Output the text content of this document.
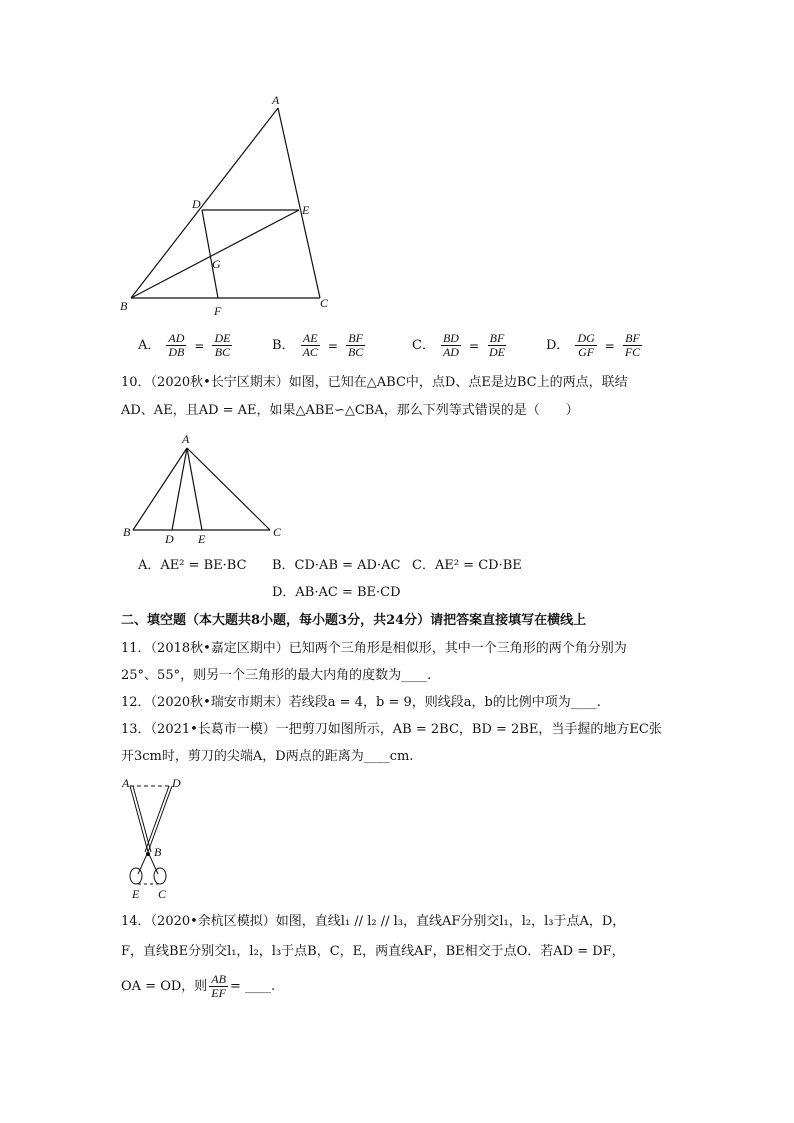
A
B	C
D	E
F
G
A． $\frac{AD}{DB} = \frac{DE}{BC}$	B． $\frac{AE}{AC} = \frac{BF}{BC}$	C． $\frac{BD}{AD} = \frac{BF}{DE}$	D． $\frac{DG}{GF} = \frac{BF}{FC}$
10．（2020秋•长宁区期末）如图，已知在△ABC中，点D、点E是边BC上的两点，联结
AD、AE，且AD = AE，如果△ABE∽△CBA，那么下列等式错误的是（　　）
A
B	C
D E
A．AE² = BE·BC B．CD·AB = AD·AC C．AE² = CD·BE
D．AB·AC = BE·CD
二、填空题（本大题共8小题，每小题3分，共24分）请把答案直接填写在横线上
11．（2018秋•嘉定区期中）已知两个三角形是相似形，其中一个三角形的两个角分别为
25°、55°，则另一个三角形的最大内角的度数为____.
12．（2020秋•瑞安市期末）若线段a = 4，b = 9，则线段a，b的比例中项为____.
13．（2021•长葛市一模）一把剪刀如图所示，AB = 2BC，BD = 2BE，当手握的地方EC张
开3cm时，剪刀的尖端A，D两点的距离为____cm.
A	D
B
E C
14．（2020•余杭区模拟）如图，直线l₁ // l₂ // l₃，直线AF分别交l₁，l₂，l₃于点A，D，
F，直线BE分别交l₁，l₂，l₃于点B，C，E，两直线AF，BE相交于点O．若AD = DF，
OA = OD，则 $\frac{AB}{EF}$ = ____.
